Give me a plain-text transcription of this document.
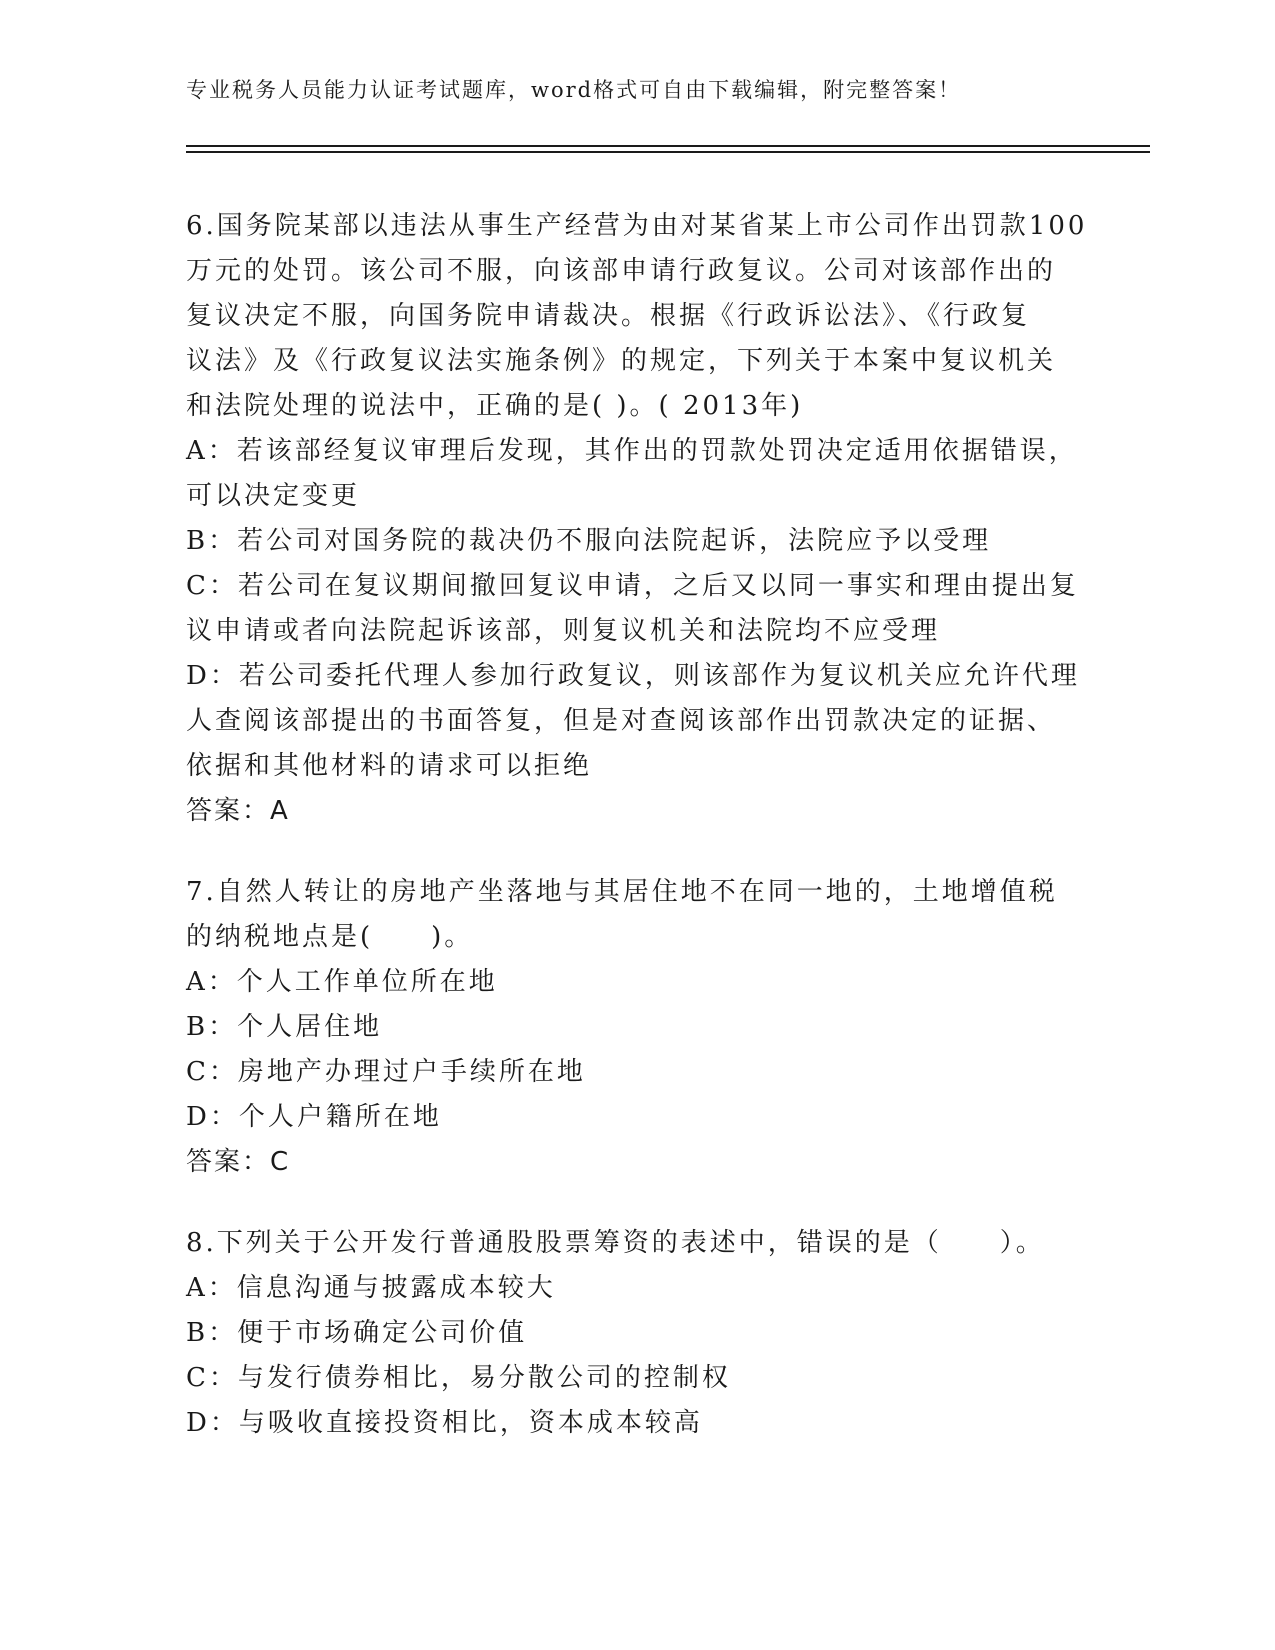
专业税务人员能力认证考试题库，word格式可自由下载编辑，附完整答案！
6.国务院某部以违法从事生产经营为由对某省某上市公司作出罚款100
万元的处罚。该公司不服，向该部申请行政复议。公司对该部作出的
复议决定不服，向国务院申请裁决。根据《行政诉讼法》、《行政复
议法》及《行政复议法实施条例》的规定，下列关于本案中复议机关
和法院处理的说法中，正确的是( )。( 2013年)
A：若该部经复议审理后发现，其作出的罚款处罚决定适用依据错误，
可以决定变更
B：若公司对国务院的裁决仍不服向法院起诉，法院应予以受理
C：若公司在复议期间撤回复议申请，之后又以同一事实和理由提出复
议申请或者向法院起诉该部，则复议机关和法院均不应受理
D：若公司委托代理人参加行政复议，则该部作为复议机关应允许代理
人查阅该部提出的书面答复，但是对查阅该部作出罚款决定的证据、
依据和其他材料的请求可以拒绝
答案：A
7.自然人转让的房地产坐落地与其居住地不在同一地的，土地增值税
的纳税地点是(　　)。
A：个人工作单位所在地
B：个人居住地
C：房地产办理过户手续所在地
D：个人户籍所在地
答案：C
8.下列关于公开发行普通股股票筹资的表述中，错误的是（　　）。
A：信息沟通与披露成本较大
B：便于市场确定公司价值
C：与发行债券相比，易分散公司的控制权
D：与吸收直接投资相比，资本成本较高
